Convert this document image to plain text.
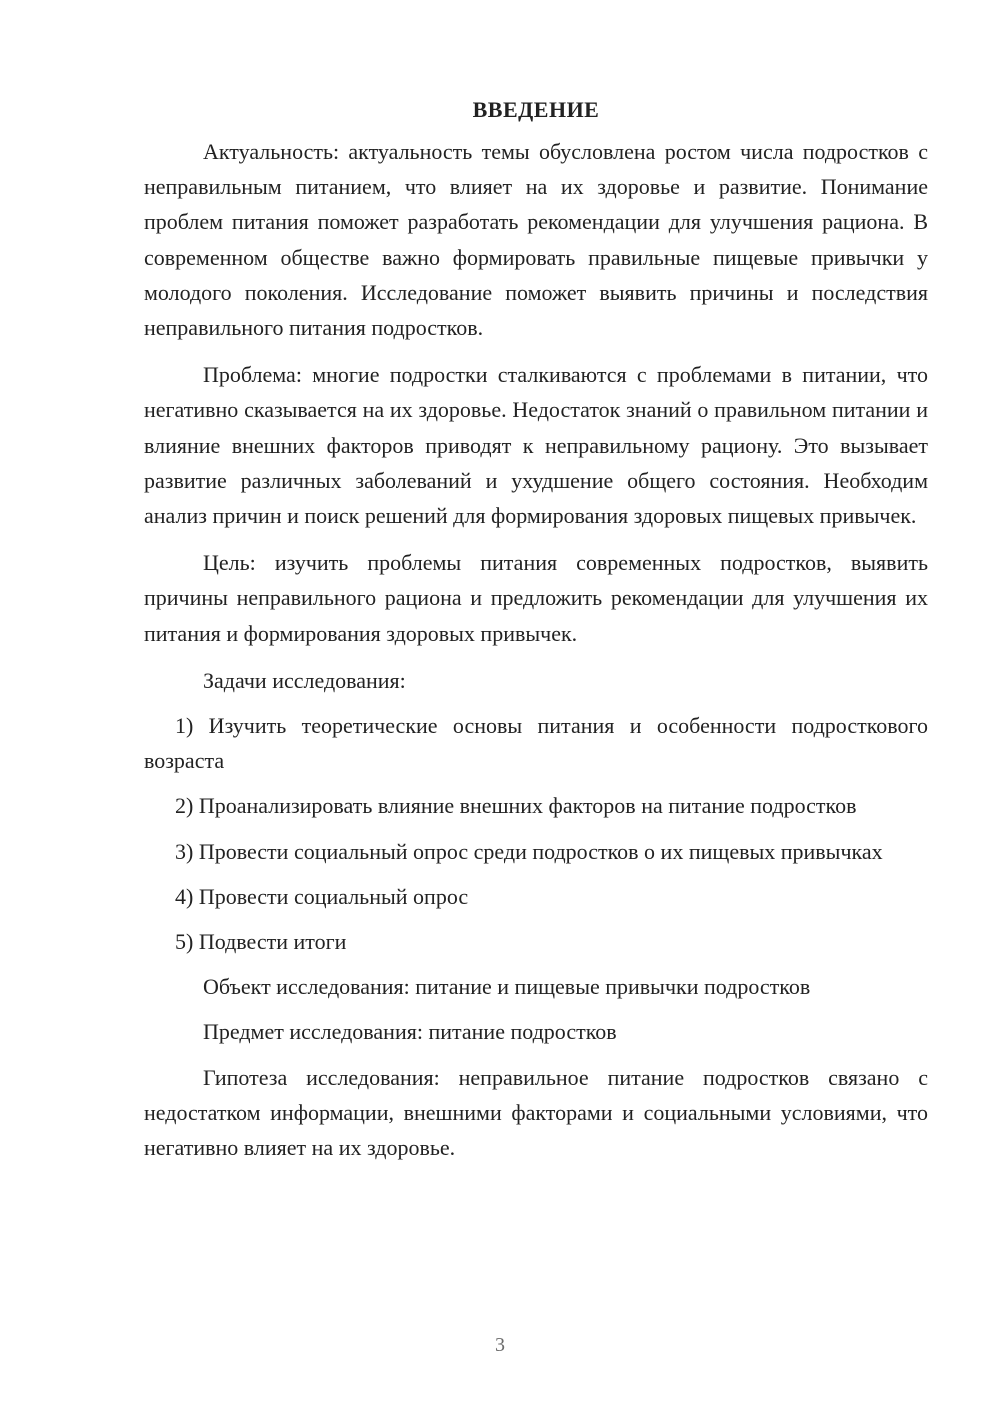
ВВЕДЕНИЕ

Актуальность: актуальность темы обусловлена ростом числа подростков с неправильным питанием, что влияет на их здоровье и развитие. Понимание проблем питания поможет разработать рекомендации для улучшения рациона. В современном обществе важно формировать правильные пищевые привычки у молодого поколения. Исследование поможет выявить причины и последствия неправильного питания подростков.

Проблема: многие подростки сталкиваются с проблемами в питании, что негативно сказывается на их здоровье. Недостаток знаний о правильном питании и влияние внешних факторов приводят к неправильному рациону. Это вызывает развитие различных заболеваний и ухудшение общего состояния. Необходим анализ причин и поиск решений для формирования здоровых пищевых привычек.

Цель: изучить проблемы питания современных подростков, выявить причины неправильного рациона и предложить рекомендации для улучшения их питания и формирования здоровых привычек.

Задачи исследования:

1) Изучить теоретические основы питания и особенности подросткового возраста

2) Проанализировать влияние внешних факторов на питание подростков

3) Провести социальный опрос среди подростков о их пищевых привычках

4) Провести социальный опрос

5) Подвести итоги

Объект исследования: питание и пищевые привычки подростков

Предмет исследования: питание подростков

Гипотеза исследования: неправильное питание подростков связано с недостатком информации, внешними факторами и социальными условиями, что негативно влияет на их здоровье.

3
